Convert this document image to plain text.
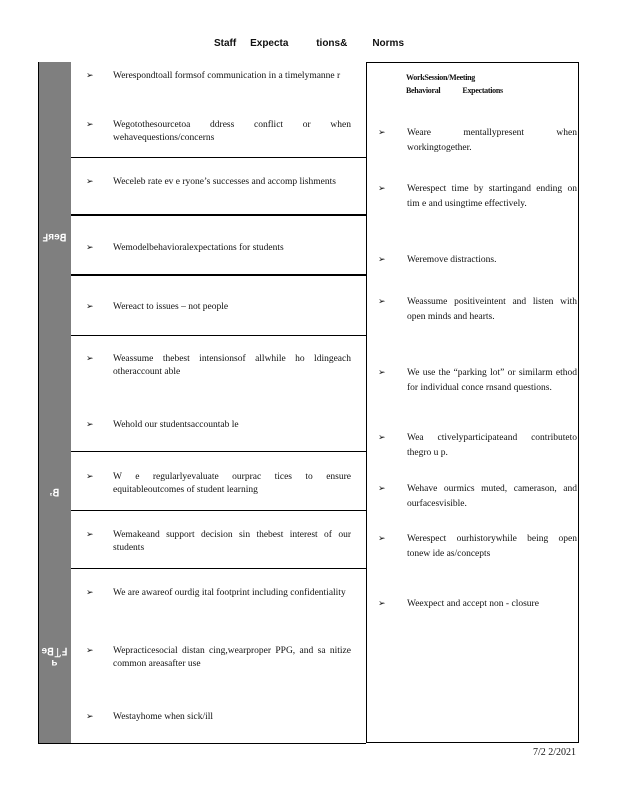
Staff     Expecta          tions&         Norms
ꟻᴚəꓭ
ʻꓭ
ᴘ
əꓭ꓅ꟻ
➢ Werespondtoall formsof communication in a timelymanne r
➢ Wegotothesourcetoa ddress conflict or when wehavequestions/concerns
➢ Weceleb rate ev e ryone’s successes and accomp lishments
➢ Wemodelbehavioralexpectations for students
➢ Wereact to issues – not people
➢ Weassume thebest intensionsof allwhile ho ldingeach otheraccount able
➢ Wehold our studentsaccountab le
➢ W e regularlyevaluate ourprac tices to ensure equitableoutcomes of student learning
➢ Wemakeand support decision sin thebest interest of our students
➢ We are awareof ourdig ital footprint including confidentiality
➢ Wepracticesocial distan cing,wearproper PPG, and sa nitize common areasafter use
➢ Westayhome when sick/ill
WorkSession/Meeting
Behavioral             Expectations
➢ Weare mentallypresent when workingtogether.
➢ Werespect time by startingand ending on tim e and usingtime effectively.
➢ Weremove distractions.
➢ Weassume positiveintent and listen with open minds and hearts.
➢ We use the “parking lot” or similarm ethod for individual conce rnsand questions.
➢ Wea ctivelyparticipateand contributeto thegro u p.
➢ Wehave ourmics muted, camerason, and ourfacesvisible.
➢ Werespect ourhistorywhile being open tonew ide as/concepts
➢ Weexpect and accept non - closure
7/2 2/2021
